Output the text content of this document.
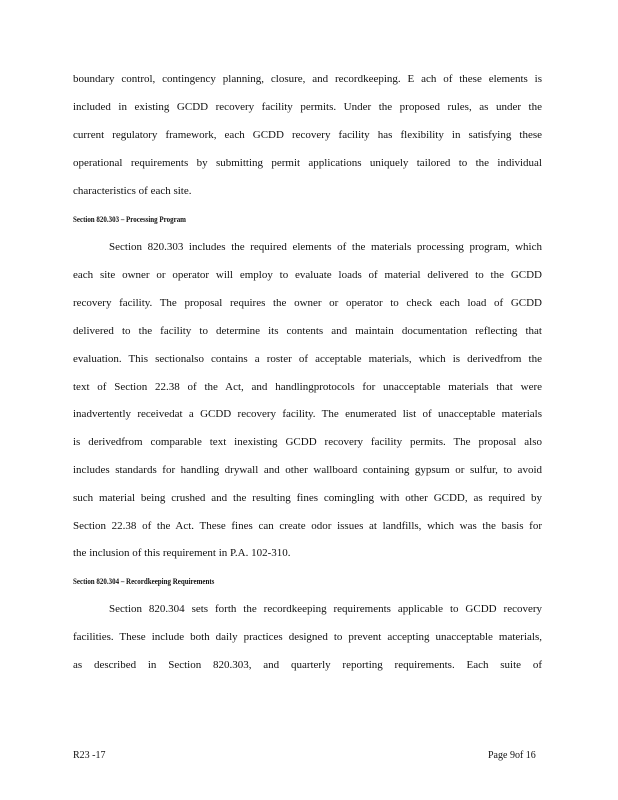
boundary control, contingency planning, closure, and recordkeeping. E ach of these elements is
included in existing GCDD recovery facility permits. Under the proposed rules, as under the
current regulatory framework, each GCDD recovery facility has flexibility in satisfying these
operational requirements by submitting permit applications uniquely tailored to the individual
characteristics of each site.
Section 820.303 – Processing Program
Section 820.303 includes the required elements of the materials processing program, which
each site owner or operator will employ to evaluate loads of material delivered to the GCDD
recovery facility. The proposal requires the owner or operator to check each load of GCDD
delivered to the facility to determine its contents and maintain documentation reflecting that
evaluation. This sectionalso contains a roster of acceptable materials, which is derivedfrom the
text of Section 22.38 of the Act, and handlingprotocols for unacceptable materials that were
inadvertently receivedat a GCDD recovery facility. The enumerated list of unacceptable materials
is derivedfrom comparable text inexisting GCDD recovery facility permits. The proposal also
includes standards for handling drywall and other wallboard containing gypsum or sulfur, to avoid
such material being crushed and the resulting fines comingling with other GCDD, as required by
Section 22.38 of the Act. These fines can create odor issues at landfills, which was the basis for
the inclusion of this requirement in P.A. 102-310.
Section 820.304 – Recordkeeping Requirements
Section 820.304 sets forth the recordkeeping requirements applicable to GCDD recovery
facilities. These include both daily practices designed to prevent accepting unacceptable materials,
as described in Section 820.303, and quarterly reporting requirements. Each suite of
R23 -17	Page 9of 16
